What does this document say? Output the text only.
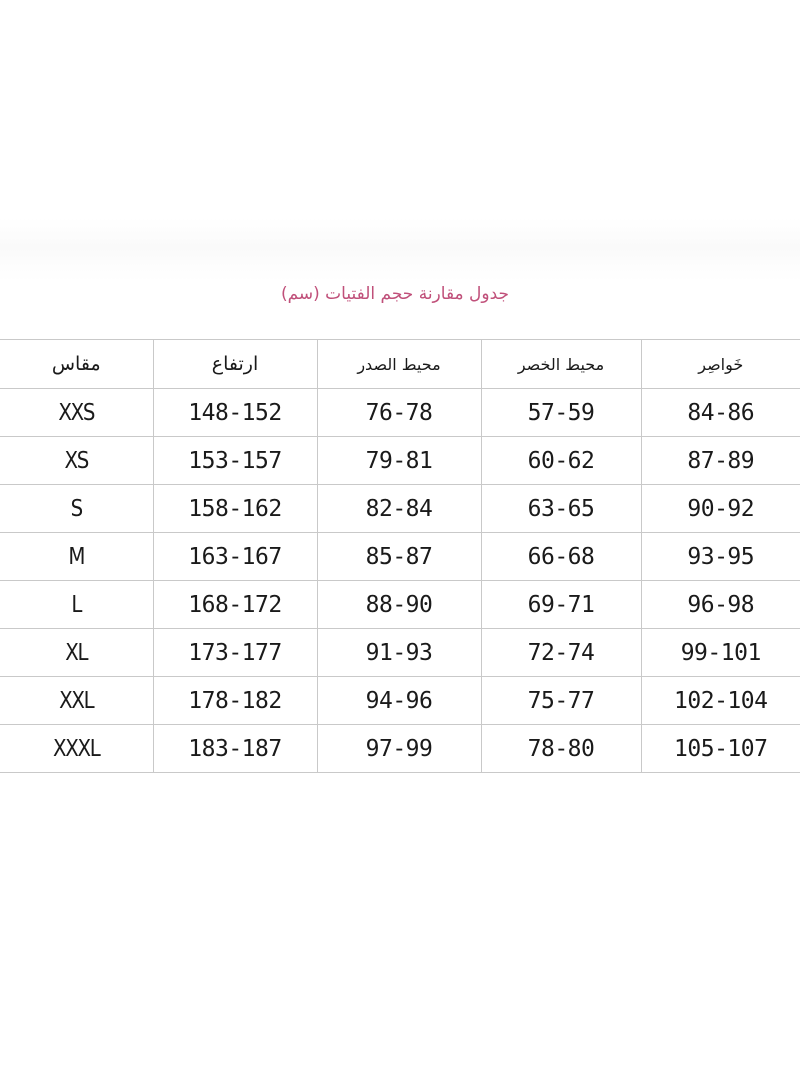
جدول مقارنة حجم الفتيات (سم)
مقاس	ارتفاع	محيط الصدر	محيط الخصر	خَواصِر
XXS	148-152	76-78	57-59	84-86
XS	153-157	79-81	60-62	87-89
S	158-162	82-84	63-65	90-92
M	163-167	85-87	66-68	93-95
L	168-172	88-90	69-71	96-98
XL	173-177	91-93	72-74	99-101
XXL	178-182	94-96	75-77	102-104
XXXL	183-187	97-99	78-80	105-107
